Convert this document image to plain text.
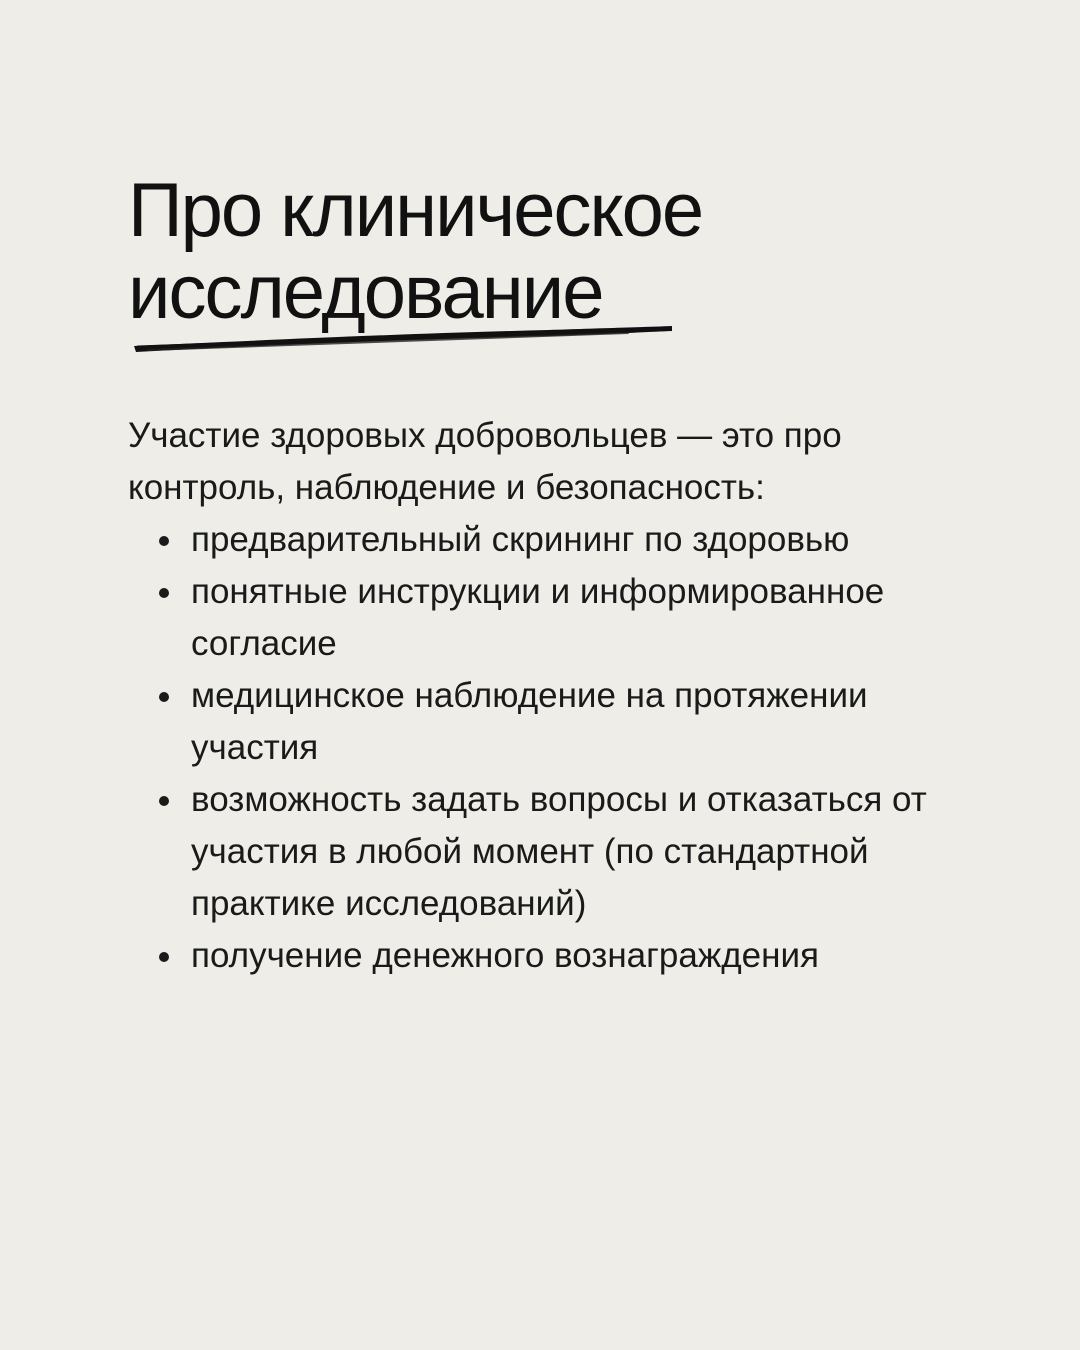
Про клиническое
исследование

Участие здоровых добровольцев — это про контроль, наблюдение и безопасность:

предварительный скрининг по здоровью
понятные инструкции и информированное согласие
медицинское наблюдение на протяжении участия
возможность задать вопросы и отказаться от участия в любой момент (по стандартной практике исследований)
получение денежного вознаграждения
